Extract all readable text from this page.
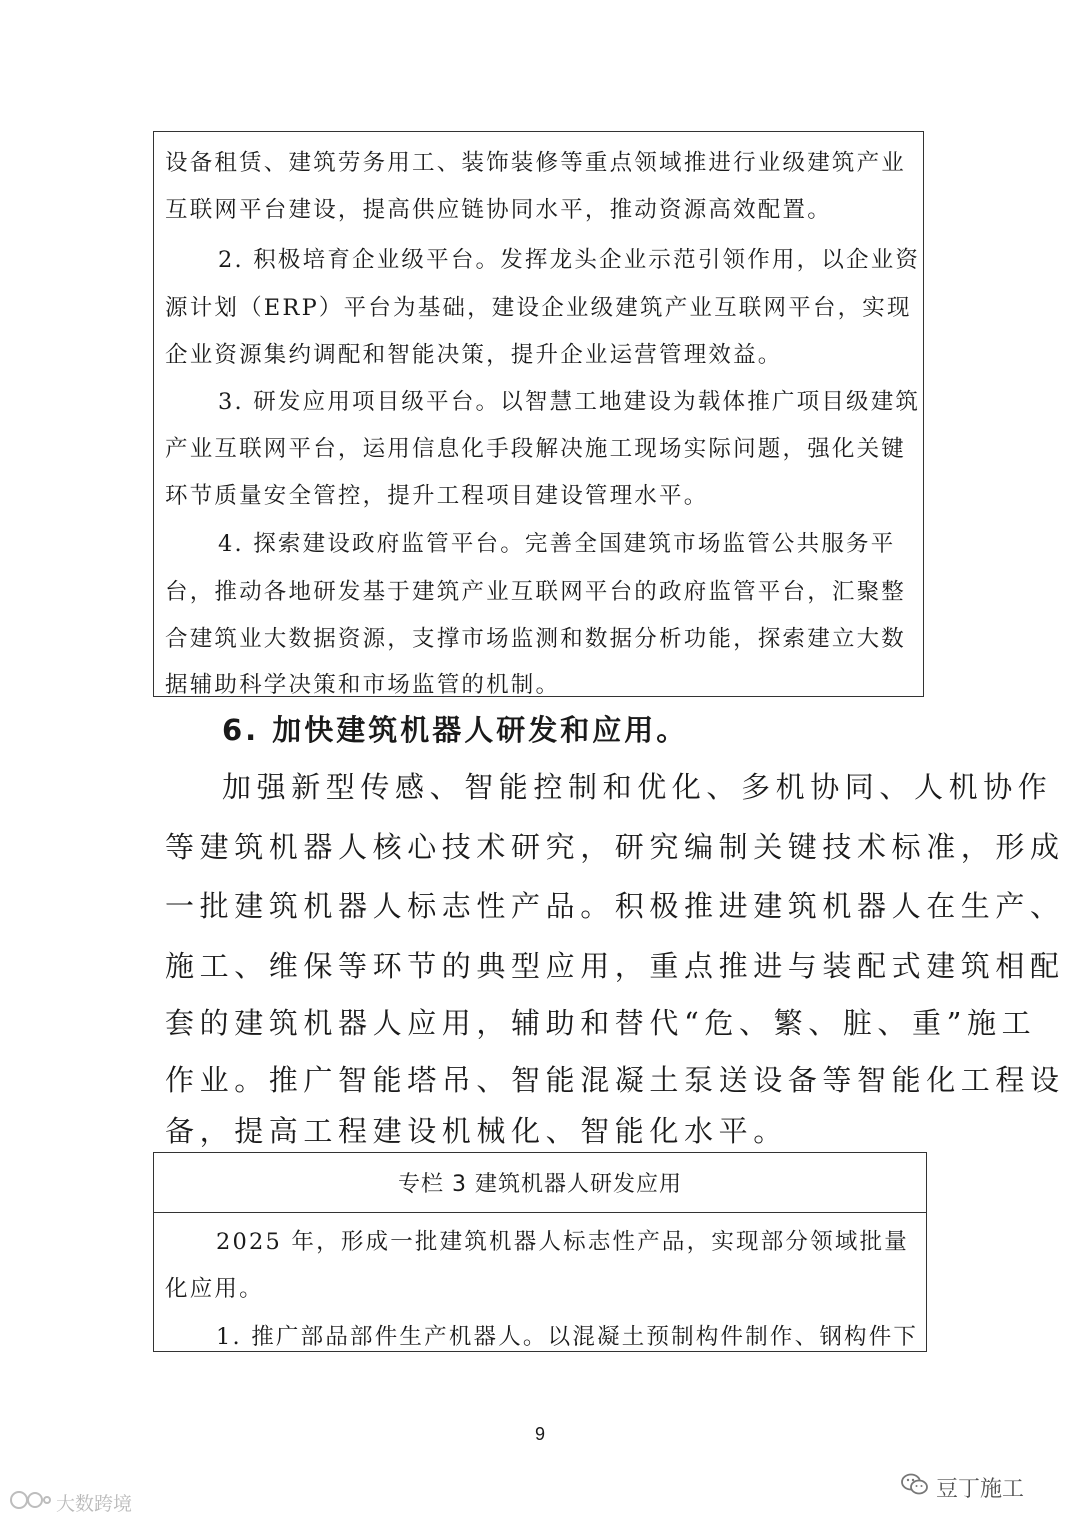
设备租赁、建筑劳务用工、装饰装修等重点领域推进行业级建筑产业
互联网平台建设，提高供应链协同水平，推动资源高效配置。
2. 积极培育企业级平台。发挥龙头企业示范引领作用，以企业资
源计划（ERP）平台为基础，建设企业级建筑产业互联网平台，实现
企业资源集约调配和智能决策，提升企业运营管理效益。
3. 研发应用项目级平台。以智慧工地建设为载体推广项目级建筑
产业互联网平台，运用信息化手段解决施工现场实际问题，强化关键
环节质量安全管控，提升工程项目建设管理水平。
4. 探索建设政府监管平台。完善全国建筑市场监管公共服务平
台，推动各地研发基于建筑产业互联网平台的政府监管平台，汇聚整
合建筑业大数据资源，支撑市场监测和数据分析功能，探索建立大数
据辅助科学决策和市场监管的机制。
6. 加快建筑机器人研发和应用。
加强新型传感、智能控制和优化、多机协同、人机协作
等建筑机器人核心技术研究，研究编制关键技术标准，形成
一批建筑机器人标志性产品。积极推进建筑机器人在生产、
施工、维保等环节的典型应用，重点推进与装配式建筑相配
套的建筑机器人应用，辅助和替代“危、繁、脏、重”施工
作业。推广智能塔吊、智能混凝土泵送设备等智能化工程设
备，提高工程建设机械化、智能化水平。
专栏 3 建筑机器人研发应用
2025 年，形成一批建筑机器人标志性产品，实现部分领域批量
化应用。
1. 推广部品部件生产机器人。以混凝土预制构件制作、钢构件下
9
大数跨境
豆丁施工
